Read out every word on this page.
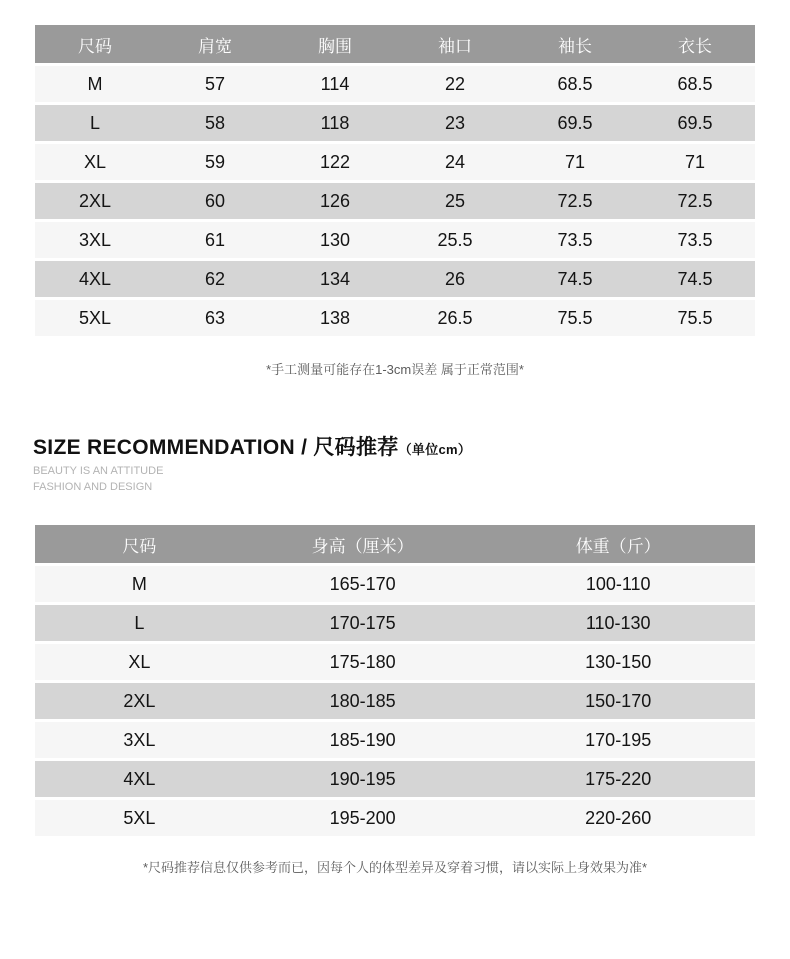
尺码	肩宽	胸围	袖口	袖长	衣长
M	57	114	22	68.5	68.5
L	58	118	23	69.5	69.5
XL	59	122	24	71	71
2XL	60	126	25	72.5	72.5
3XL	61	130	25.5	73.5	73.5
4XL	62	134	26	74.5	74.5
5XL	63	138	26.5	75.5	75.5
*手工测量可能存在1-3cm误差 属于正常范围*
SIZE RECOMMENDATION / 尺码推荐（单位cm）
BEAUTY IS AN ATTITUDE
FASHION AND DESIGN
尺码	身高（厘米）	体重（斤）
M	165-170	100-110
L	170-175	110-130
XL	175-180	130-150
2XL	180-185	150-170
3XL	185-190	170-195
4XL	190-195	175-220
5XL	195-200	220-260
*尺码推荐信息仅供参考而已，因每个人的体型差异及穿着习惯，请以实际上身效果为准*
